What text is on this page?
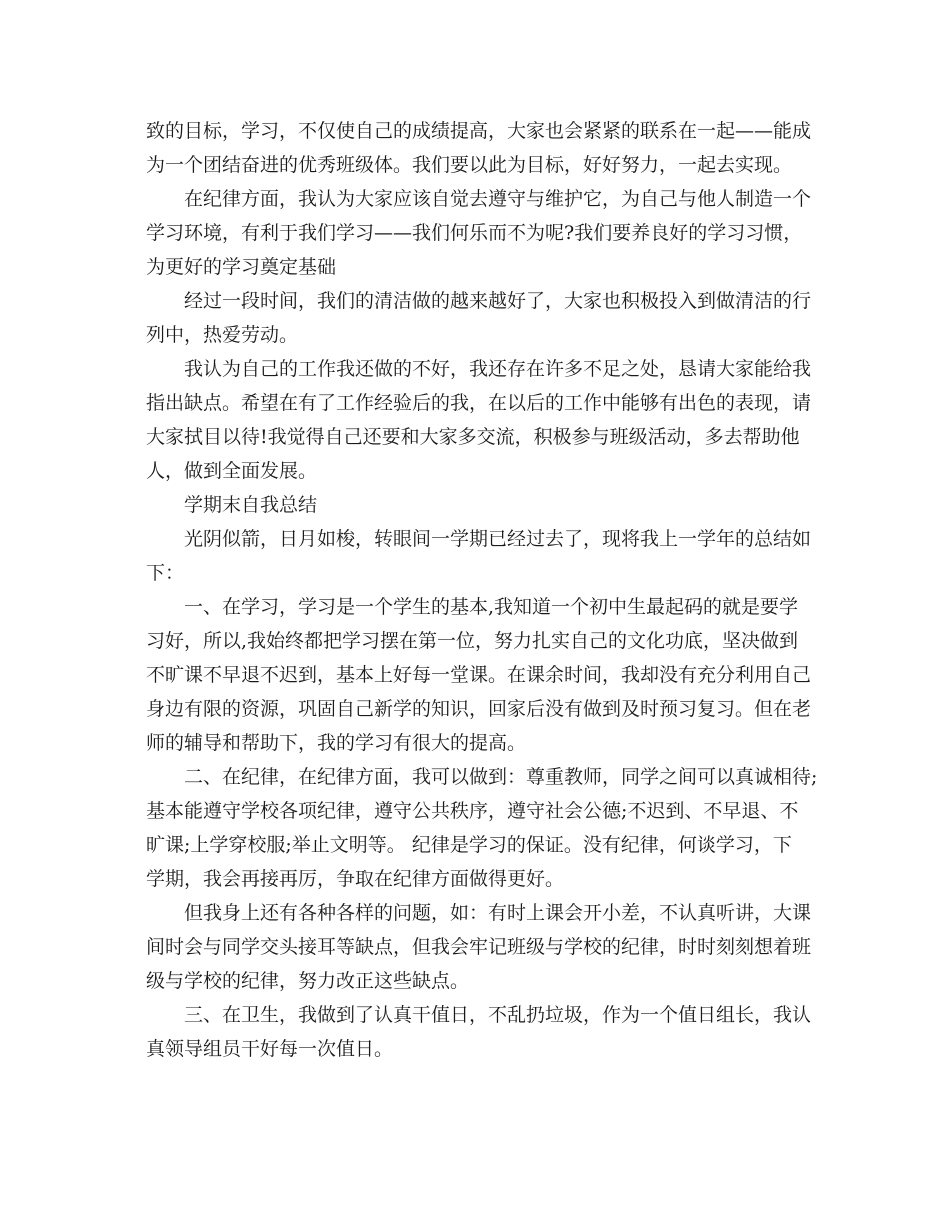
致的目标，学习，不仅使自己的成绩提高，大家也会紧紧的联系在一起——能成
为一个团结奋进的优秀班级体。我们要以此为目标，好好努力，一起去实现。
在纪律方面，我认为大家应该自觉去遵守与维护它，为自己与他人制造一个
学习环境，有利于我们学习——我们何乐而不为呢?我们要养良好的学习习惯，
为更好的学习奠定基础
经过一段时间，我们的清洁做的越来越好了，大家也积极投入到做清洁的行
列中，热爱劳动。
我认为自己的工作我还做的不好，我还存在许多不足之处，恳请大家能给我
指出缺点。希望在有了工作经验后的我，在以后的工作中能够有出色的表现，请
大家拭目以待!我觉得自己还要和大家多交流，积极参与班级活动，多去帮助他
人，做到全面发展。
学期末自我总结
光阴似箭，日月如梭，转眼间一学期已经过去了，现将我上一学年的总结如
下：
一、在学习，学习是一个学生的基本,我知道一个初中生最起码的就是要学
习好，所以,我始终都把学习摆在第一位，努力扎实自己的文化功底，坚决做到
不旷课不早退不迟到，基本上好每一堂课。在课余时间，我却没有充分利用自己
身边有限的资源，巩固自己新学的知识，回家后没有做到及时预习复习。但在老
师的辅导和帮助下，我的学习有很大的提高。
二、在纪律，在纪律方面，我可以做到：尊重教师，同学之间可以真诚相待;
基本能遵守学校各项纪律，遵守公共秩序，遵守社会公德;不迟到、不早退、不
旷课;上学穿校服;举止文明等。 纪律是学习的保证。没有纪律，何谈学习，下
学期，我会再接再厉，争取在纪律方面做得更好。
但我身上还有各种各样的问题，如：有时上课会开小差，不认真听讲，大课
间时会与同学交头接耳等缺点，但我会牢记班级与学校的纪律，时时刻刻想着班
级与学校的纪律，努力改正这些缺点。
三、在卫生，我做到了认真干值日，不乱扔垃圾，作为一个值日组长，我认
真领导组员干好每一次值日。
